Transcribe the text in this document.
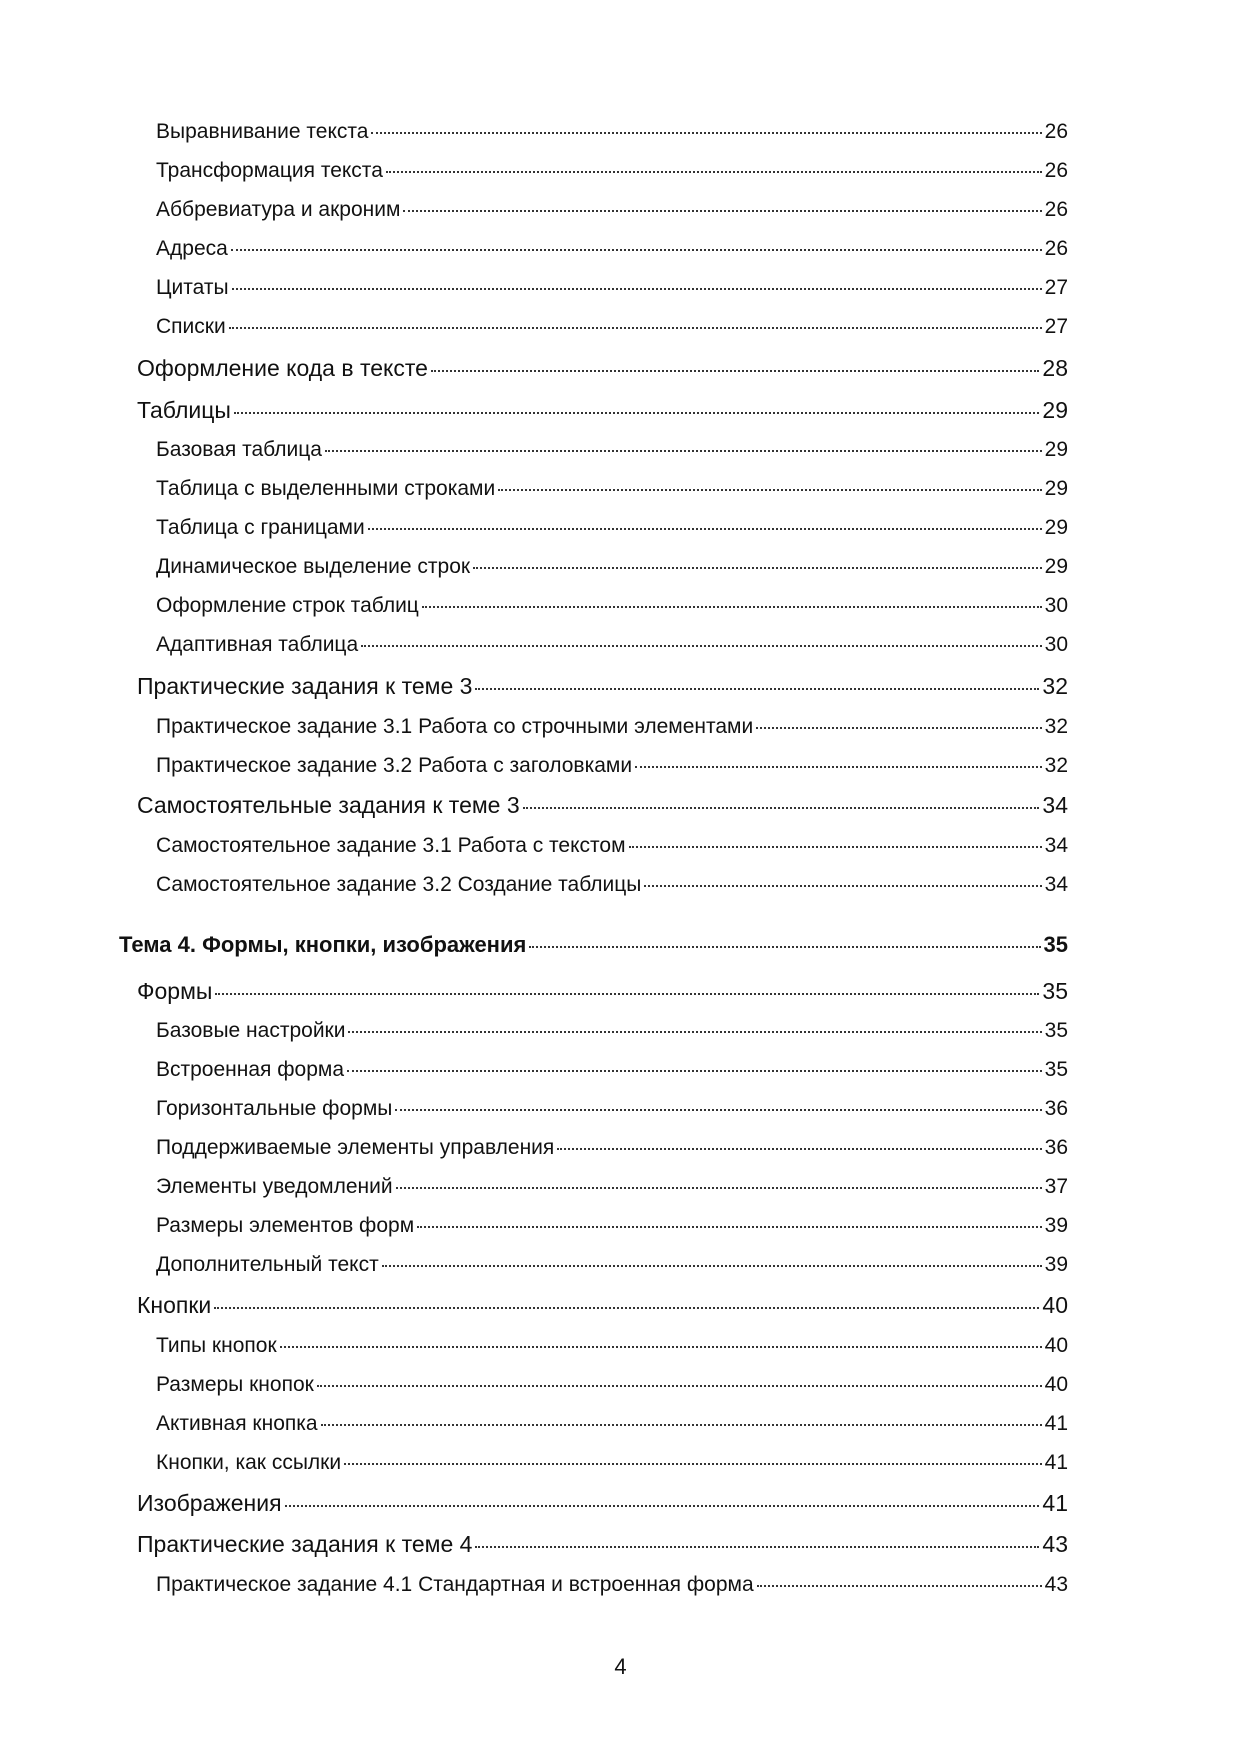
Выравнивание текста	26
Трансформация текста	26
Аббревиатура и акроним	26
Адреса	26
Цитаты	27
Списки	27
Оформление кода в тексте	28
Таблицы	29
Базовая таблица	29
Таблица с выделенными строками	29
Таблица с границами	29
Динамическое выделение строк	29
Оформление строк таблиц	30
Адаптивная таблица	30
Практические задания к теме 3	32
Практическое задание 3.1 Работа со строчными элементами	32
Практическое задание 3.2 Работа с заголовками	32
Самостоятельные задания к теме 3	34
Самостоятельное задание 3.1 Работа с текстом	34
Самостоятельное задание 3.2 Создание таблицы	34
Тема 4. Формы, кнопки, изображения	35
Формы	35
Базовые настройки	35
Встроенная форма	35
Горизонтальные формы	36
Поддерживаемые элементы управления	36
Элементы уведомлений	37
Размеры элементов форм	39
Дополнительный текст	39
Кнопки	40
Типы кнопок	40
Размеры кнопок	40
Активная кнопка	41
Кнопки, как ссылки	41
Изображения	41
Практические задания к теме 4	43
Практическое задание 4.1 Стандартная и встроенная форма	43
4
